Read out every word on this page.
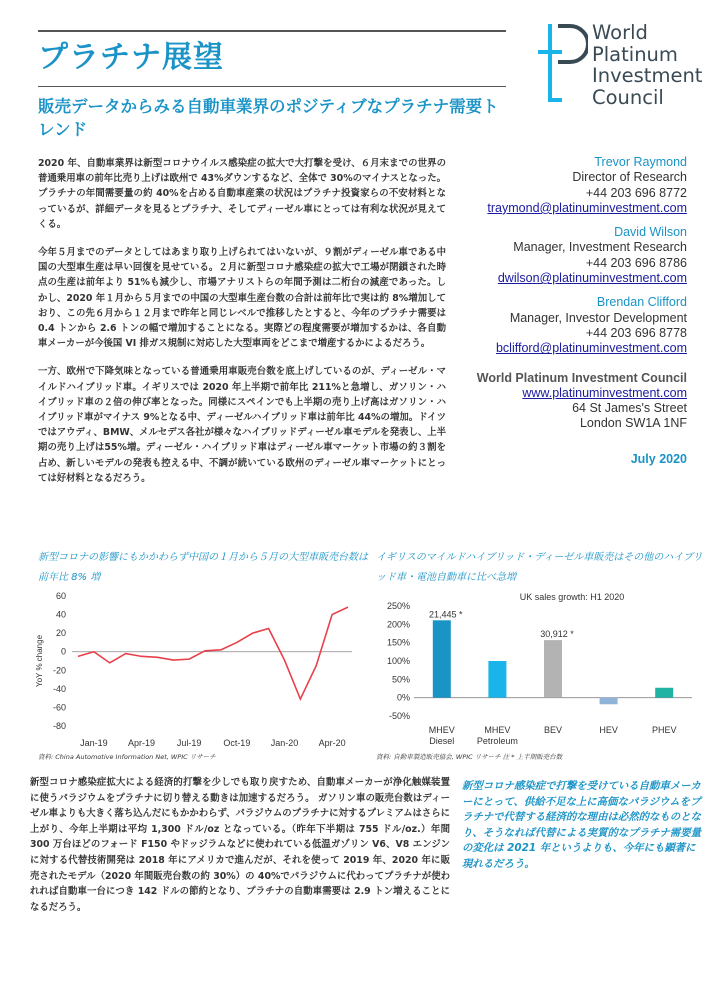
プラチナ展望
販売データからみる自動車業界のポジティブなプラチナ需要トレンド
World
Platinum
Investment
Council

2020 年、自動車業界は新型コロナウイルス感染症の拡大で大打撃を受け、６月末までの世界の普通乗用車の前年比売り上げは欧州で 43%ダウンするなど、全体で 30%のマイナスとなった。プラチナの年間需要量の約 40%を占める自動車産業の状況はプラチナ投資家らの不安材料となっているが、詳細データを見るとプラチナ、そしてディーゼル車にとっては有利な状況が見えてくる。

今年５月までのデータとしてはあまり取り上げられてはいないが、９割がディーゼル車である中国の大型車生産は早い回復を見せている。２月に新型コロナ感染症の拡大で工場が閉鎖された時点の生産は前年より 51%も減少し、市場アナリストらの年間予測は二桁台の減産であった。しかし、2020 年１月から５月までの中国の大型車生産台数の合計は前年比で実は約 8%増加しており、この先６月から１２月まで昨年と同じレベルで推移したとすると、今年のプラチナ需要は 0.4 トンから 2.6 トンの幅で増加することになる。実際どの程度需要が増加するかは、各自動車メーカーが今後国 VI 排ガス規制に対応した大型車両をどこまで増産するかによるだろう。

一方、欧州で下降気味となっている普通乗用車販売台数を底上げしているのが、ディーゼル・マイルドハイブリッド車。イギリスでは 2020 年上半期で前年比 211%と急増し、ガソリン・ハイブリッド車の２倍の伸び率となった。同様にスペインでも上半期の売り上げ高はガソリン・ハイブリッド車がマイナス 9%となる中、ディーゼルハイブリッド車は前年比 44%の増加。ドイツではアウディ、BMW、メルセデス各社が様々なハイブリッドディーゼル車モデルを発表し、上半期の売り上げは55%増。ディーゼル・ハイブリッド車はディーゼル車マーケット市場の約３割を占め、新しいモデルの発表も控える中、不調が続いている欧州のディーゼル車マーケットにとっては好材料となるだろう。

Trevor Raymond
Director of Research
+44 203 696 8772
traymond@platinuminvestment.com
David Wilson
Manager, Investment Research
+44 203 696 8786
dwilson@platinuminvestment.com
Brendan Clifford
Manager, Investor Development
+44 203 696 8778
bclifford@platinuminvestment.com
World Platinum Investment Council
www.platinuminvestment.com
64 St James's Street
London SW1A 1NF
July 2020
新型コロナの影響にもかかわらず中国の１月から５月の大型車販売台数は前年比 8% 増
60
40
20
0
-20
-40
-60
-80
YoY % change
Jan-19 Apr-19 Jul-19 Oct-19 Jan-20 Apr-20
資料: China Automotive Information Net, WPIC リサーチ
イギリスのマイルドハイブリッド・ディーゼル車販売はその他のハイブリッド車・電池自動車に比べ急増
UK sales growth: H1 2020
250%
200%
150%
100%
50%
0%
-50%
MHEV
Diesel
21,445 *
MHEV
Petroleum
BEV
30,912 *
HEV	PHEV
資料: 自動車製造販売協会, WPIC リサーチ 注 * 上半期販売台数
新型コロナ感染症拡大による経済的打撃を少しでも取り戻すため、自動車メーカーが浄化触媒装置に使うパラジウムをプラチナに切り替える動きは加速するだろう。 ガソリン車の販売台数はディーゼル車よりも大きく落ち込んだにもかかわらず、パラジウムのプラチナに対するプレミアムはさらに上がり、今年上半期は平均 1,300 ドル/oz となっている。（昨年下半期は 755 ドル/oz.）年間 300 万台ほどのフォード F150 やドッジラムなどに使われている低温ガゾリン V6、V8 エンジンに対する代替技術開発は 2018 年にアメリカで進んだが、それを使って 2019 年、2020 年に販売されたモデル（2020 年間販売台数の約 30%）の 40%でパラジウムに代わってプラチナが使われれば自動車一台につき 142 ドルの節約となり、プラチナの自動車需要は 2.9 トン増えることになるだろう。
新型コロナ感染症で打撃を受けている自動車メーカーにとって、供給不足な上に高価なパラジウムをプラチナで代替する経済的な理由は必然的なものとなり、そうなれば代替による実質的なプラチナ需要量の変化は 2021 年というよりも、今年にも顕著に現れるだろう。
